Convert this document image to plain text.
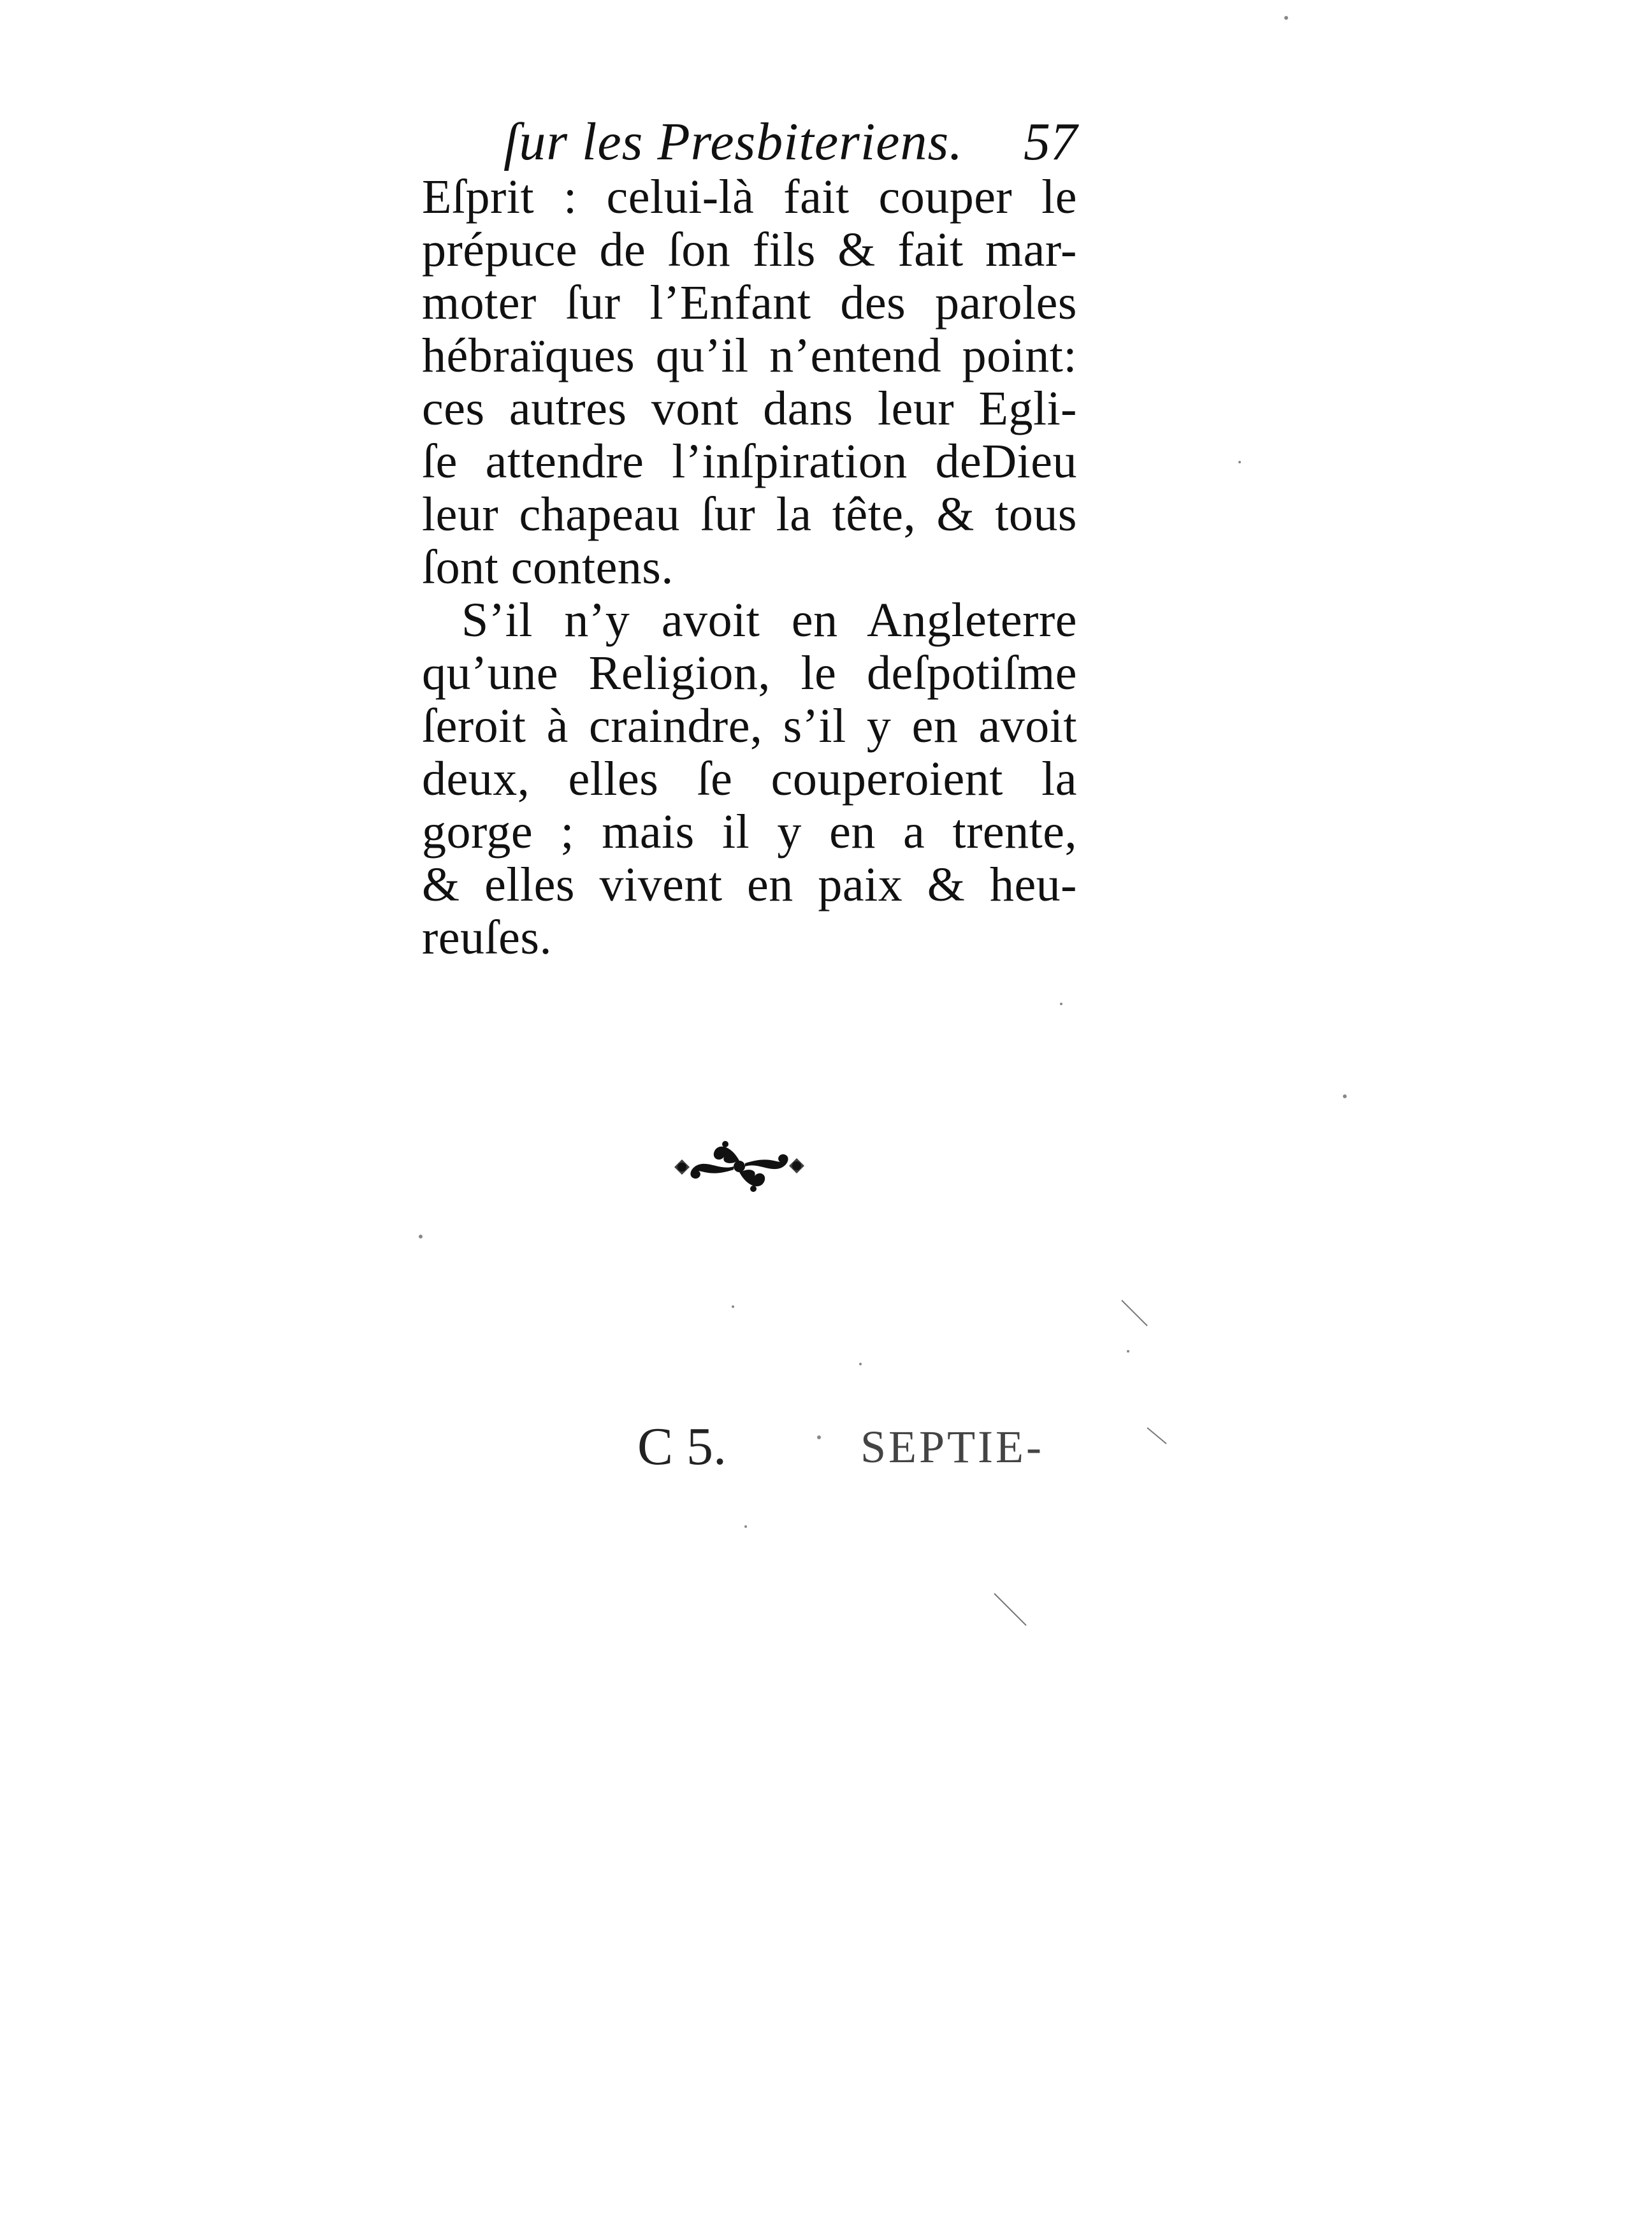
ſur les Presbiteriens. 57
Eſprit : celui-là fait couper le
prépuce de ſon fils & fait mar-
moter ſur l’Enfant des paroles
hébraïques qu’il n’entend point:
ces autres vont dans leur Egli-
ſe attendre l’inſpiration deDieu
leur chapeau ſur la tête, & tous
ſont contens.
S’il n’y avoit en Angleterre
qu’une Religion, le deſpotiſme
ſeroit à craindre, s’il y en avoit
deux, elles ſe couperoient la
gorge ; mais il y en a trente,
& elles vivent en paix & heu-
reuſes.
C 5.	SEPTIE-
